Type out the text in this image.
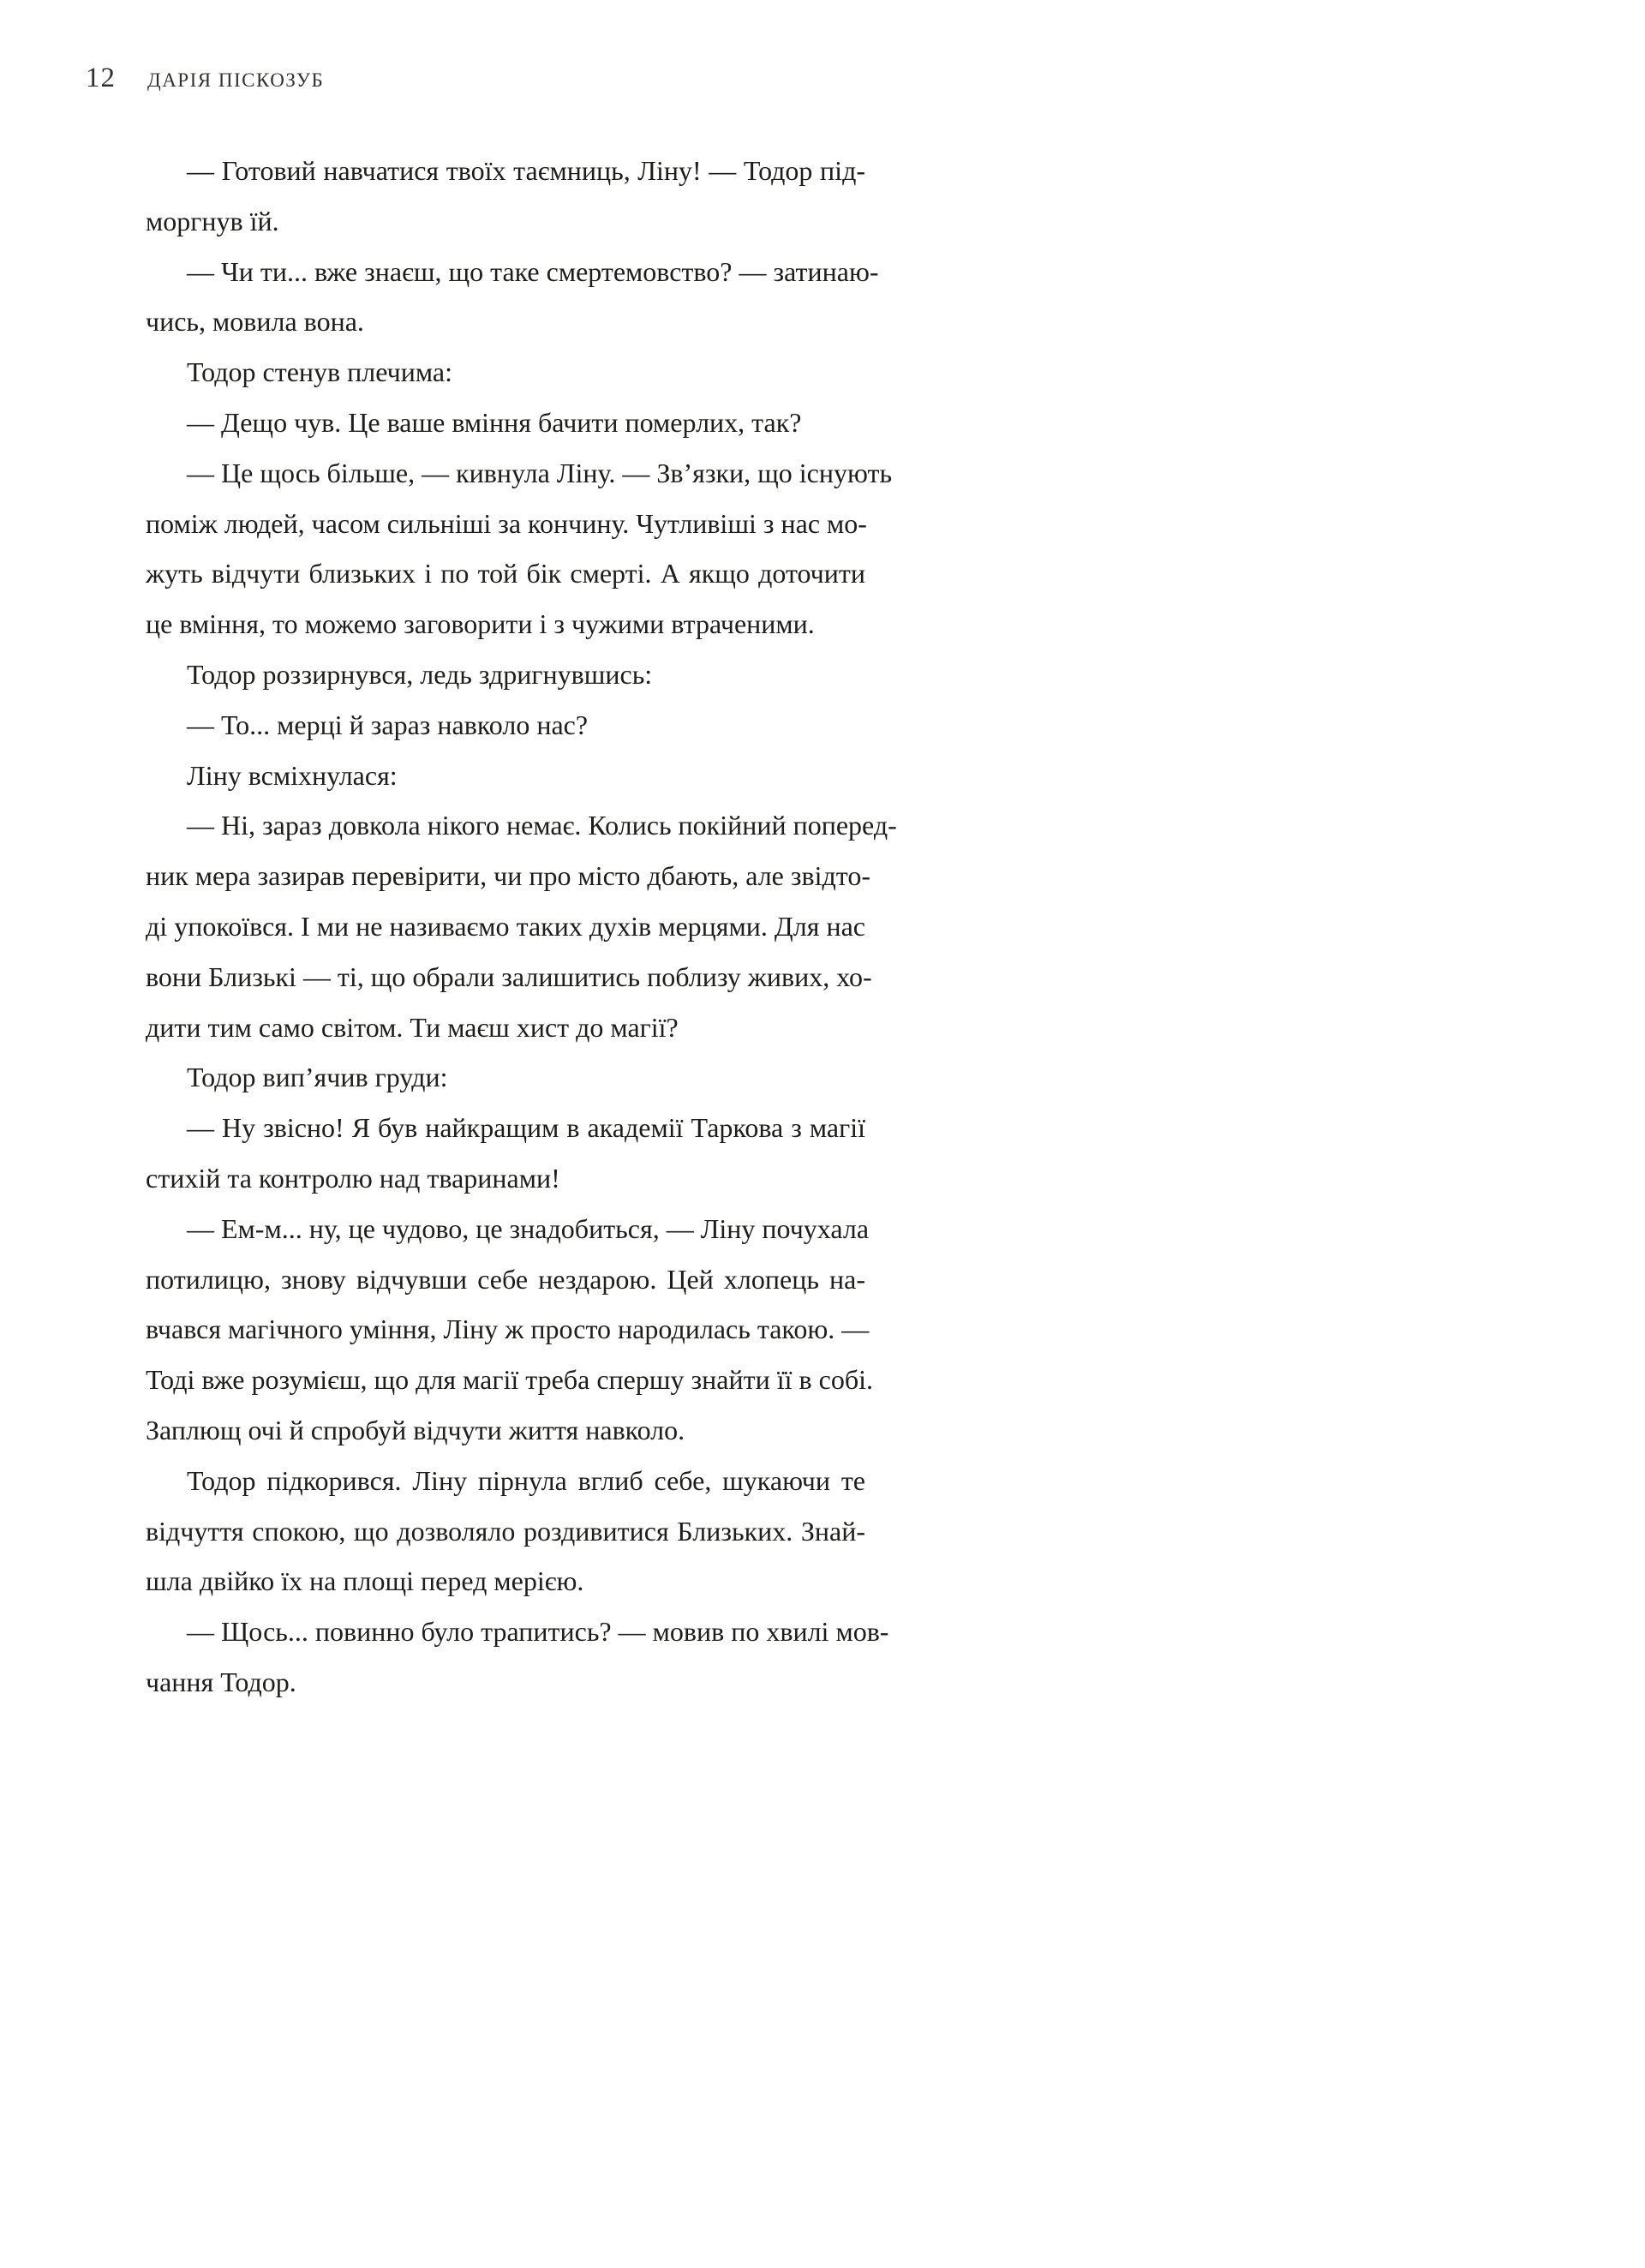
12 ДАРІЯ ПІСКОЗУБ
— Готовий навчатися твоїх таємниць, Ліну! — Тодор під-
моргнув їй.
— Чи ти... вже знаєш, що таке смертемовство? — затинаю-
чись, мовила вона.
Тодор стенув плечима:
— Дещо чув. Це ваше вміння бачити померлих, так?
— Це щось більше, — кивнула Ліну. — Зв’язки, що існують
поміж людей, часом сильніші за кончину. Чутливіші з нас мо-
жуть відчути близьких і по той бік смерті. А якщо доточити
це вміння, то можемо заговорити і з чужими втраченими.
Тодор роззирнувся, ледь здригнувшись:
— То... мерці й зараз навколо нас?
Ліну всміхнулася:
— Ні, зараз довкола нікого немає. Колись покійний поперед-
ник мера зазирав перевірити, чи про місто дбають, але звідто-
ді упокоївся. І ми не називаємо таких духів мерцями. Для нас
вони Близькі — ті, що обрали залишитись поблизу живих, хо-
дити тим само світом. Ти маєш хист до магії?
Тодор вип’ячив груди:
— Ну звісно! Я був найкращим в академії Таркова з магії
стихій та контролю над тваринами!
— Ем-м... ну, це чудово, це знадобиться, — Ліну почухала
потилицю, знову відчувши себе нездарою. Цей хлопець на-
вчався магічного уміння, Ліну ж просто народилась такою. —
Тоді вже розумієш, що для магії треба спершу знайти її в собі.
Заплющ очі й спробуй відчути життя навколо.
Тодор підкорився. Ліну пірнула вглиб себе, шукаючи те
відчуття спокою, що дозволяло роздивитися Близьких. Знай-
шла двійко їх на площі перед мерією.
— Щось... повинно було трапитись? — мовив по хвилі мов-
чання Тодор.
